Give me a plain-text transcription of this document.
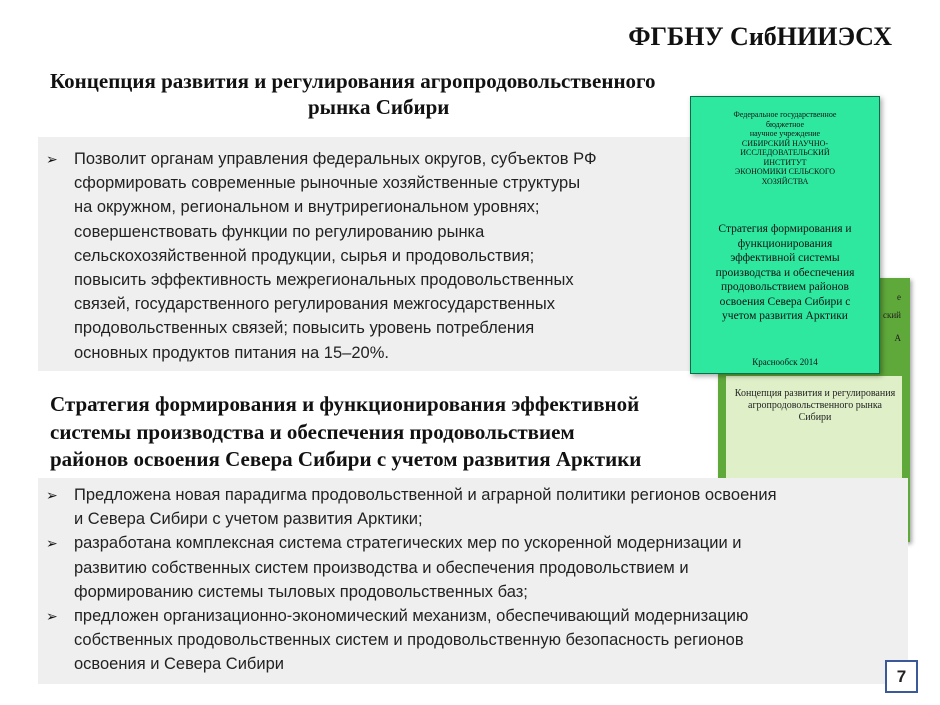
ФГБНУ СибНИИЭСХ
Концепция развития и регулирования агропродовольственного
рынка Сибири
➢ Позволит органам управления федеральных округов, субъектов РФ
сформировать современные рыночные хозяйственные структуры
на окружном, региональном и внутрирегиональном уровнях;
совершенствовать функции по регулированию рынка
сельскохозяйственной продукции, сырья и продовольствия;
повысить эффективность межрегиональных продовольственных
связей, государственного регулирования межгосударственных
продовольственных связей; повысить уровень потребления
основных продуктов питания на 15–20%.
е
ский
А
Концепция развития и регулирования
агропродовольственного рынка
Сибири
Федеральное государственное
бюджетное
научное учреждение
СИБИРСКИЙ НАУЧНО-
ИССЛЕДОВАТЕЛЬСКИЙ
ИНСТИТУТ
ЭКОНОМИКИ СЕЛЬСКОГО
ХОЗЯЙСТВА
Стратегия формирования и
функционирования
эффективной системы
производства и обеспечения
продовольствием районов
освоения Севера Сибири с
учетом развития Арктики
Краснообск 2014
Стратегия формирования и функционирования эффективной
системы производства и обеспечения продовольствием
районов освоения Севера Сибири с учетом развития Арктики
➢ Предложена новая парадигма продовольственной и аграрной политики регионов освоения
и Севера Сибири с учетом развития Арктики;
➢ разработана комплексная система стратегических мер по ускоренной модернизации и
развитию собственных систем производства и обеспечения продовольствием и
формированию системы тыловых продовольственных баз;
➢ предложен организационно-экономический механизм, обеспечивающий модернизацию
собственных продовольственных систем и продовольственную безопасность регионов
освоения и Севера Сибири
7
